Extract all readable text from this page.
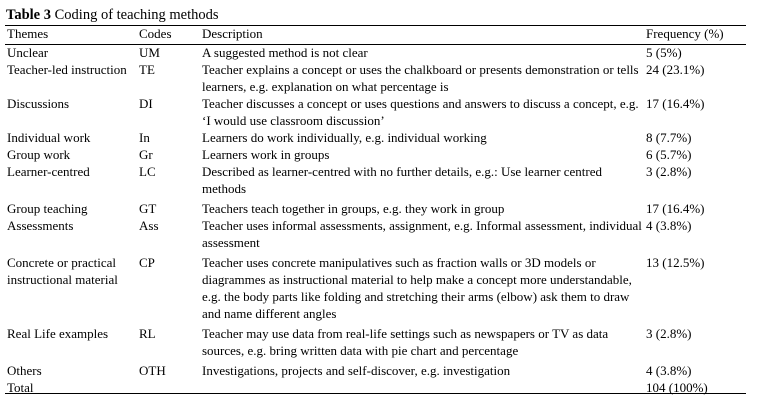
Table 3 Coding of teaching methods
Themes	Codes	Description	Frequency (%)
Unclear	UM	A suggested method is not clear	5 (5%)
Teacher-led instruction	TE	Teacher explains a concept or uses the chalkboard or presents demonstration or tells learners, e.g. explanation on what percentage is	24 (23.1%)
Discussions	DI	Teacher discusses a concept or uses questions and answers to discuss a concept, e.g. ‘I would use classroom discussion’	17 (16.4%)
Individual work	In	Learners do work individually, e.g. individual working	8 (7.7%)
Group work	Gr	Learners work in groups	6 (5.7%)
Learner-centred	LC	Described as learner-centred with no further details, e.g.: Use learner centred methods	3 (2.8%)
Group teaching	GT	Teachers teach together in groups, e.g. they work in group	17 (16.4%)
Assessments	Ass	Teacher uses informal assessments, assignment, e.g. Informal assessment, individual assessment	4 (3.8%)
Concrete or practical instructional material	CP	Teacher uses concrete manipulatives such as fraction walls or 3D models or diagrammes as instructional material to help make a concept more understandable, e.g. the body parts like folding and stretching their arms (elbow) ask them to draw and name different angles	13 (12.5%)
Real Life examples	RL	Teacher may use data from real-life settings such as newspapers or TV as data sources, e.g. bring written data with pie chart and percentage	3 (2.8%)
Others	OTH	Investigations, projects and self-discover, e.g. investigation	4 (3.8%)
Total			104 (100%)
